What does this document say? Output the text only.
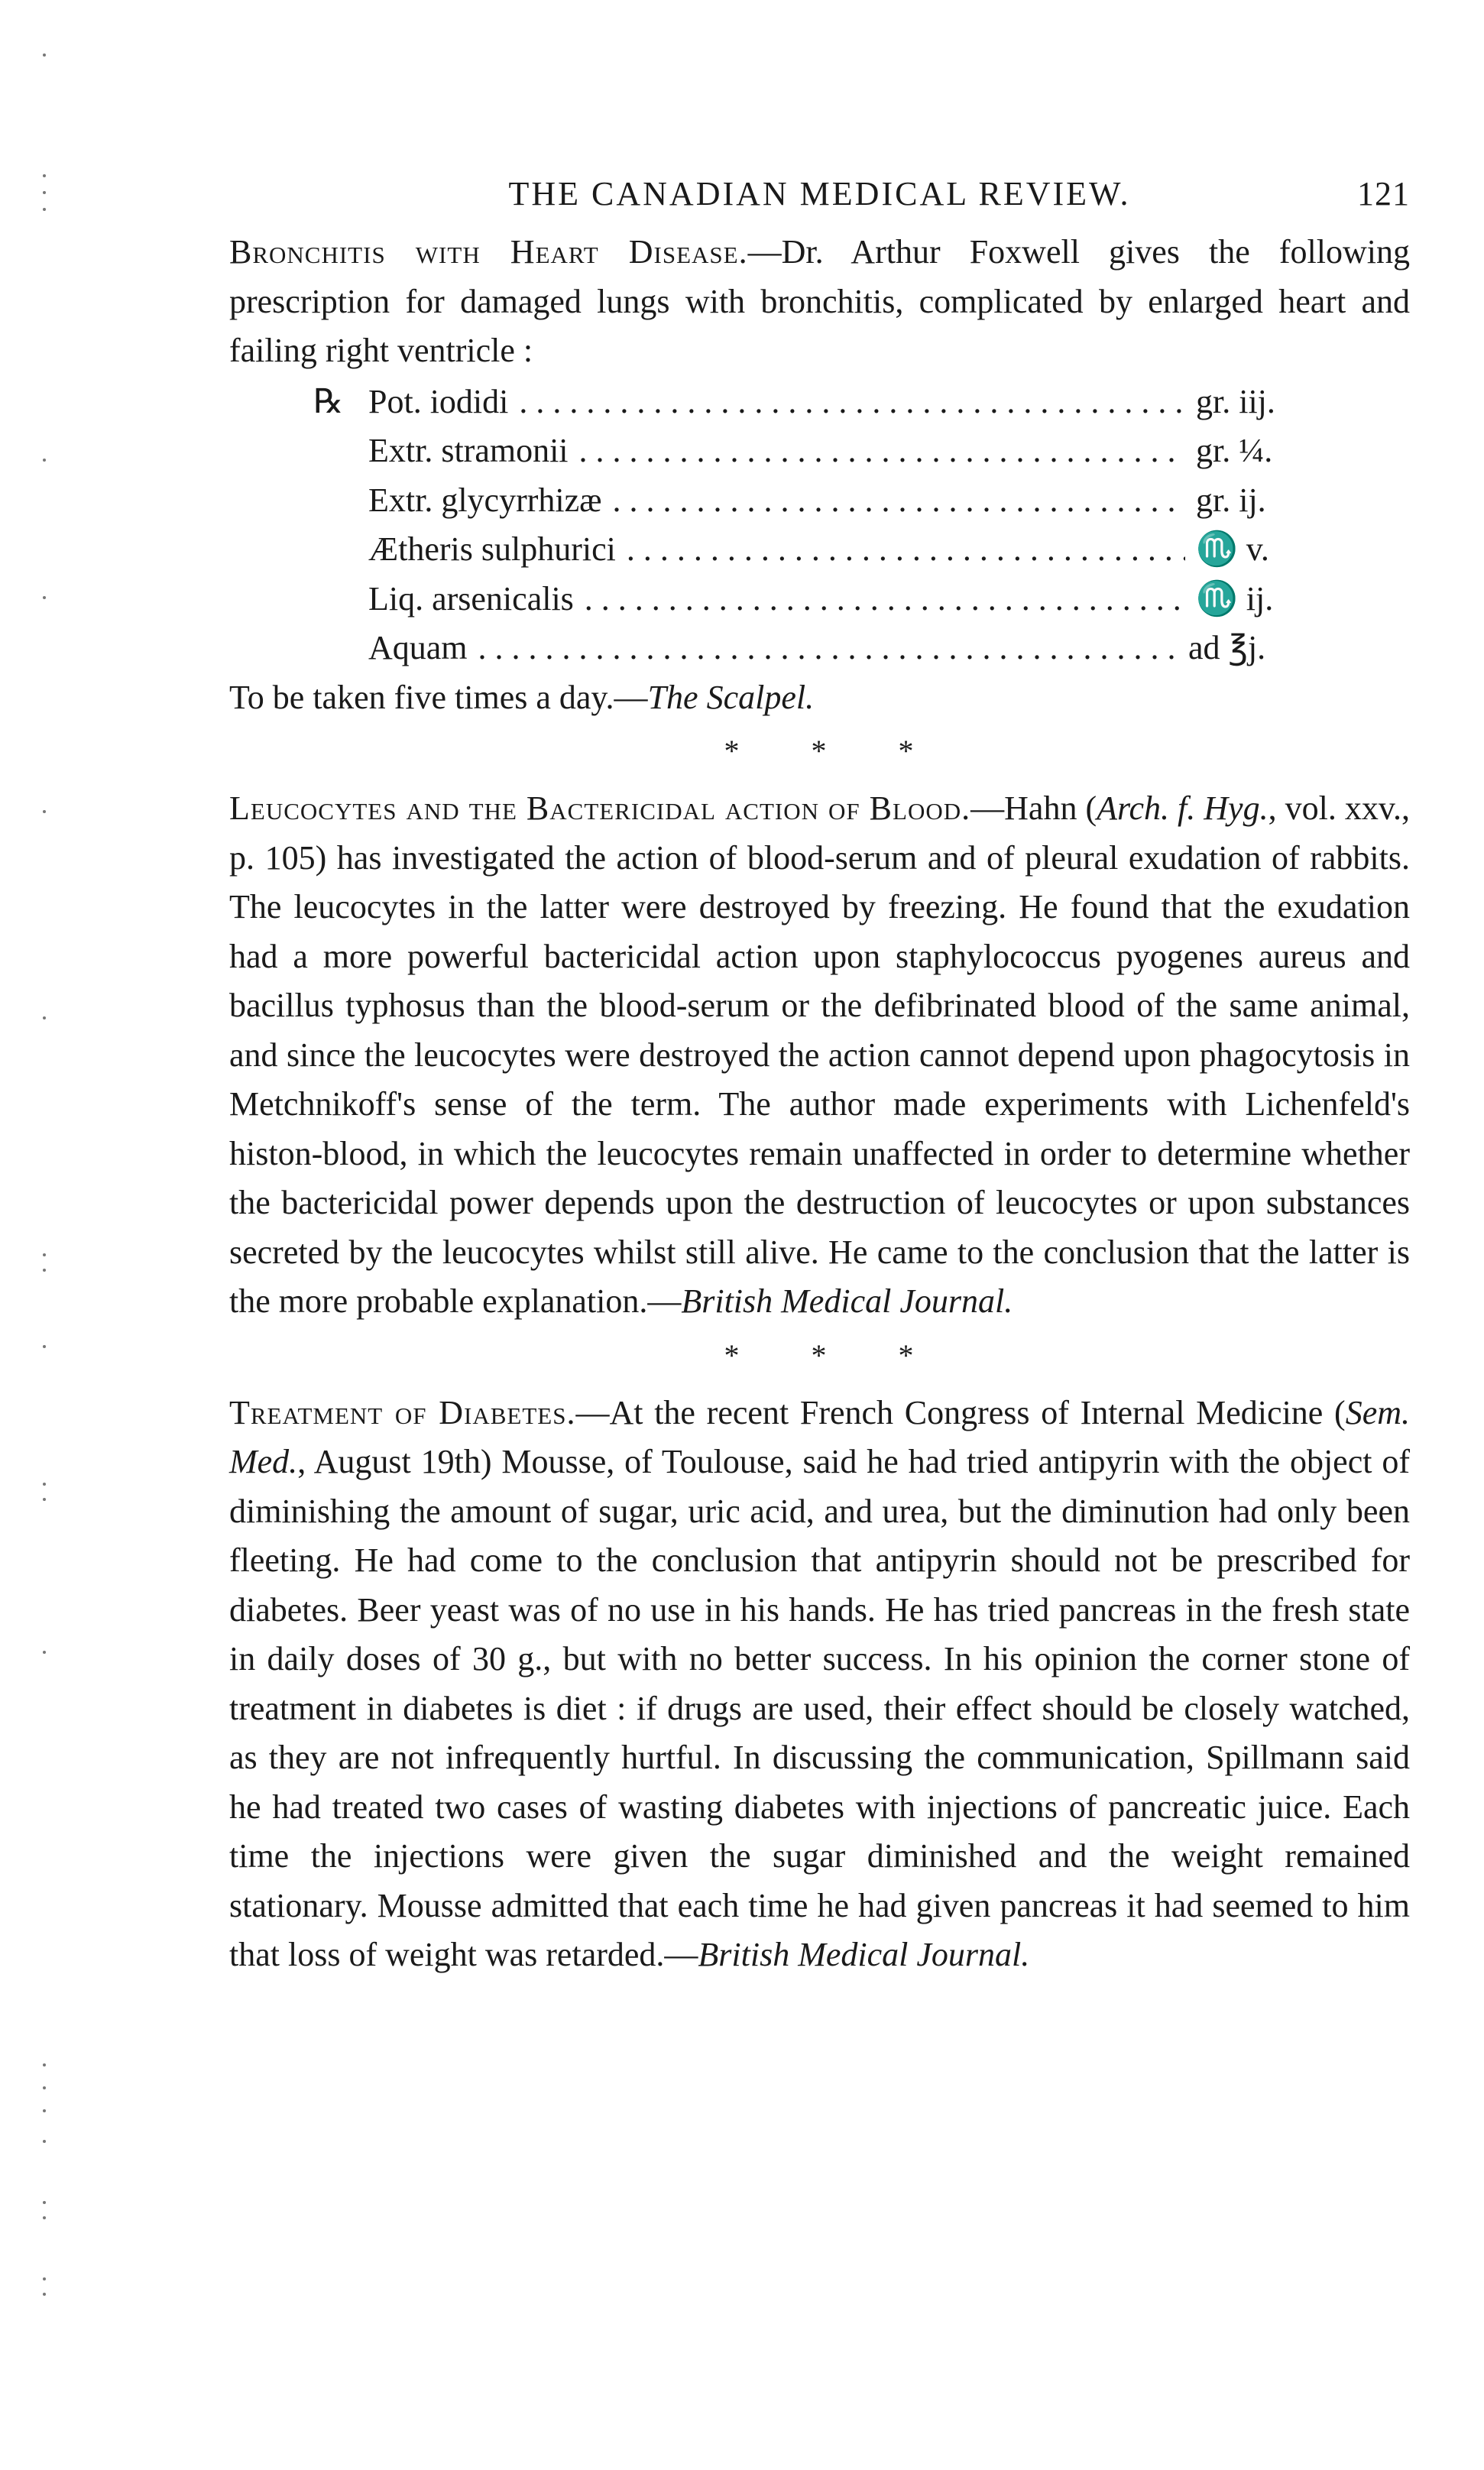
THE CANADIAN MEDICAL REVIEW.	121

Bronchitis with Heart Disease.—Dr. Arthur Foxwell gives the following prescription for damaged lungs with bronchitis, complicated by enlarged heart and failing right ventricle :

℞ Pot. iodidi . . .	gr. iij.
Extr. stramonii . . .	gr. ¼.
Extr. glycyrrhizæ . . .	gr. ij.
Ætheris sulphurici . . .	♏ v.
Liq. arsenicalis . . .	♏ ij.
Aquam . . .	ad ℥j.

To be taken five times a day.—The Scalpel.

* * *

Leucocytes and the Bactericidal action of Blood.—Hahn (Arch. f. Hyg., vol. xxv., p. 105) has investigated the action of blood-serum and of pleural exudation of rabbits. The leucocytes in the latter were destroyed by freezing. He found that the exudation had a more powerful bactericidal action upon staphylococcus pyogenes aureus and bacillus typhosus than the blood-serum or the defibrinated blood of the same animal, and since the leucocytes were destroyed the action cannot depend upon phagocytosis in Metchnikoff's sense of the term. The author made experiments with Lichenfeld's histon-blood, in which the leucocytes remain unaffected in order to determine whether the bactericidal power depends upon the destruction of leucocytes or upon substances secreted by the leucocytes whilst still alive. He came to the conclusion that the latter is the more probable explanation.—British Medical Journal.

* * *

Treatment of Diabetes.—At the recent French Congress of Internal Medicine (Sem. Med., August 19th) Mousse, of Toulouse, said he had tried antipyrin with the object of diminishing the amount of sugar, uric acid, and urea, but the diminution had only been fleeting. He had come to the conclusion that antipyrin should not be prescribed for diabetes. Beer yeast was of no use in his hands. He has tried pancreas in the fresh state in daily doses of 30 g., but with no better success. In his opinion the corner stone of treatment in diabetes is diet : if drugs are used, their effect should be closely watched, as they are not infrequently hurtful. In discussing the communication, Spillmann said he had treated two cases of wasting diabetes with injections of pancreatic juice. Each time the injections were given the sugar diminished and the weight remained stationary. Mousse admitted that each time he had given pancreas it had seemed to him that loss of weight was retarded.—British Medical Journal.
